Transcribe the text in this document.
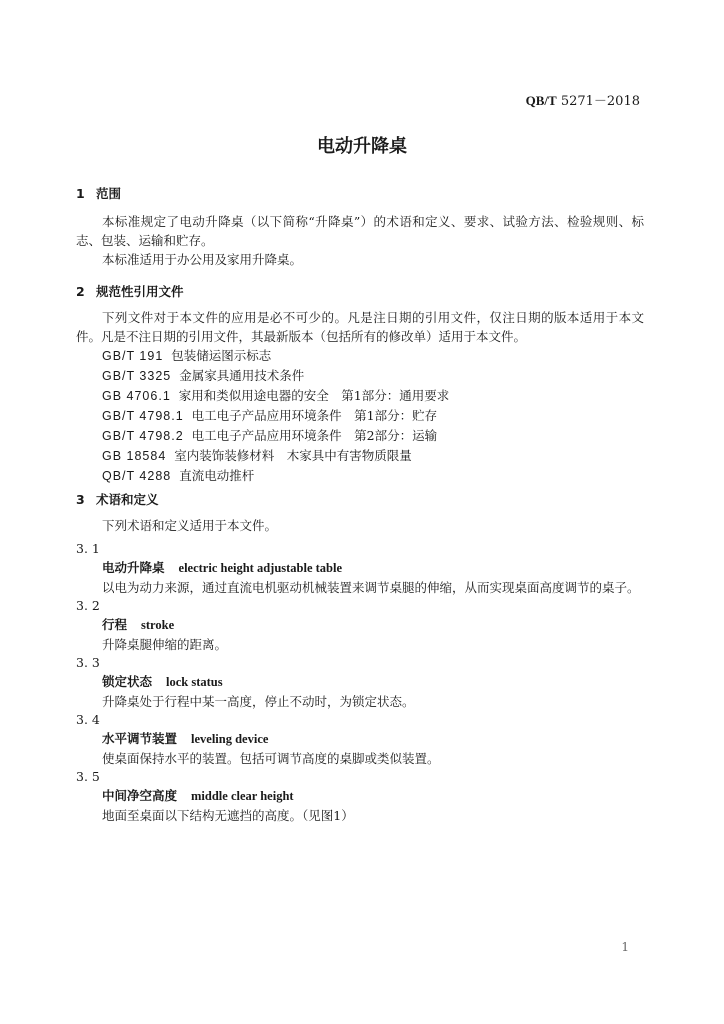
QB/T 5271－2018
电动升降桌
1 范围
本标准规定了电动升降桌（以下简称“升降桌”）的术语和定义、要求、试验方法、检验规则、标志、包装、运输和贮存。
本标准适用于办公用及家用升降桌。
2 规范性引用文件
下列文件对于本文件的应用是必不可少的。凡是注日期的引用文件，仅注日期的版本适用于本文件。凡是不注日期的引用文件，其最新版本（包括所有的修改单）适用于本文件。
GB/T 191 包装储运图示标志
GB/T 3325 金属家具通用技术条件
GB 4706.1 家用和类似用途电器的安全　第1部分：通用要求
GB/T 4798.1 电工电子产品应用环境条件　第1部分：贮存
GB/T 4798.2 电工电子产品应用环境条件　第2部分：运输
GB 18584 室内装饰装修材料　木家具中有害物质限量
QB/T 4288 直流电动推杆
3 术语和定义
下列术语和定义适用于本文件。
3. 1
电动升降桌 electric height adjustable table
以电为动力来源，通过直流电机驱动机械装置来调节桌腿的伸缩，从而实现桌面高度调节的桌子。
3. 2
行程 stroke
升降桌腿伸缩的距离。
3. 3
锁定状态 lock status
升降桌处于行程中某一高度，停止不动时，为锁定状态。
3. 4
水平调节装置 leveling device
使桌面保持水平的装置。包括可调节高度的桌脚或类似装置。
3. 5
中间净空高度 middle clear height
地面至桌面以下结构无遮挡的高度。（见图1）
1
